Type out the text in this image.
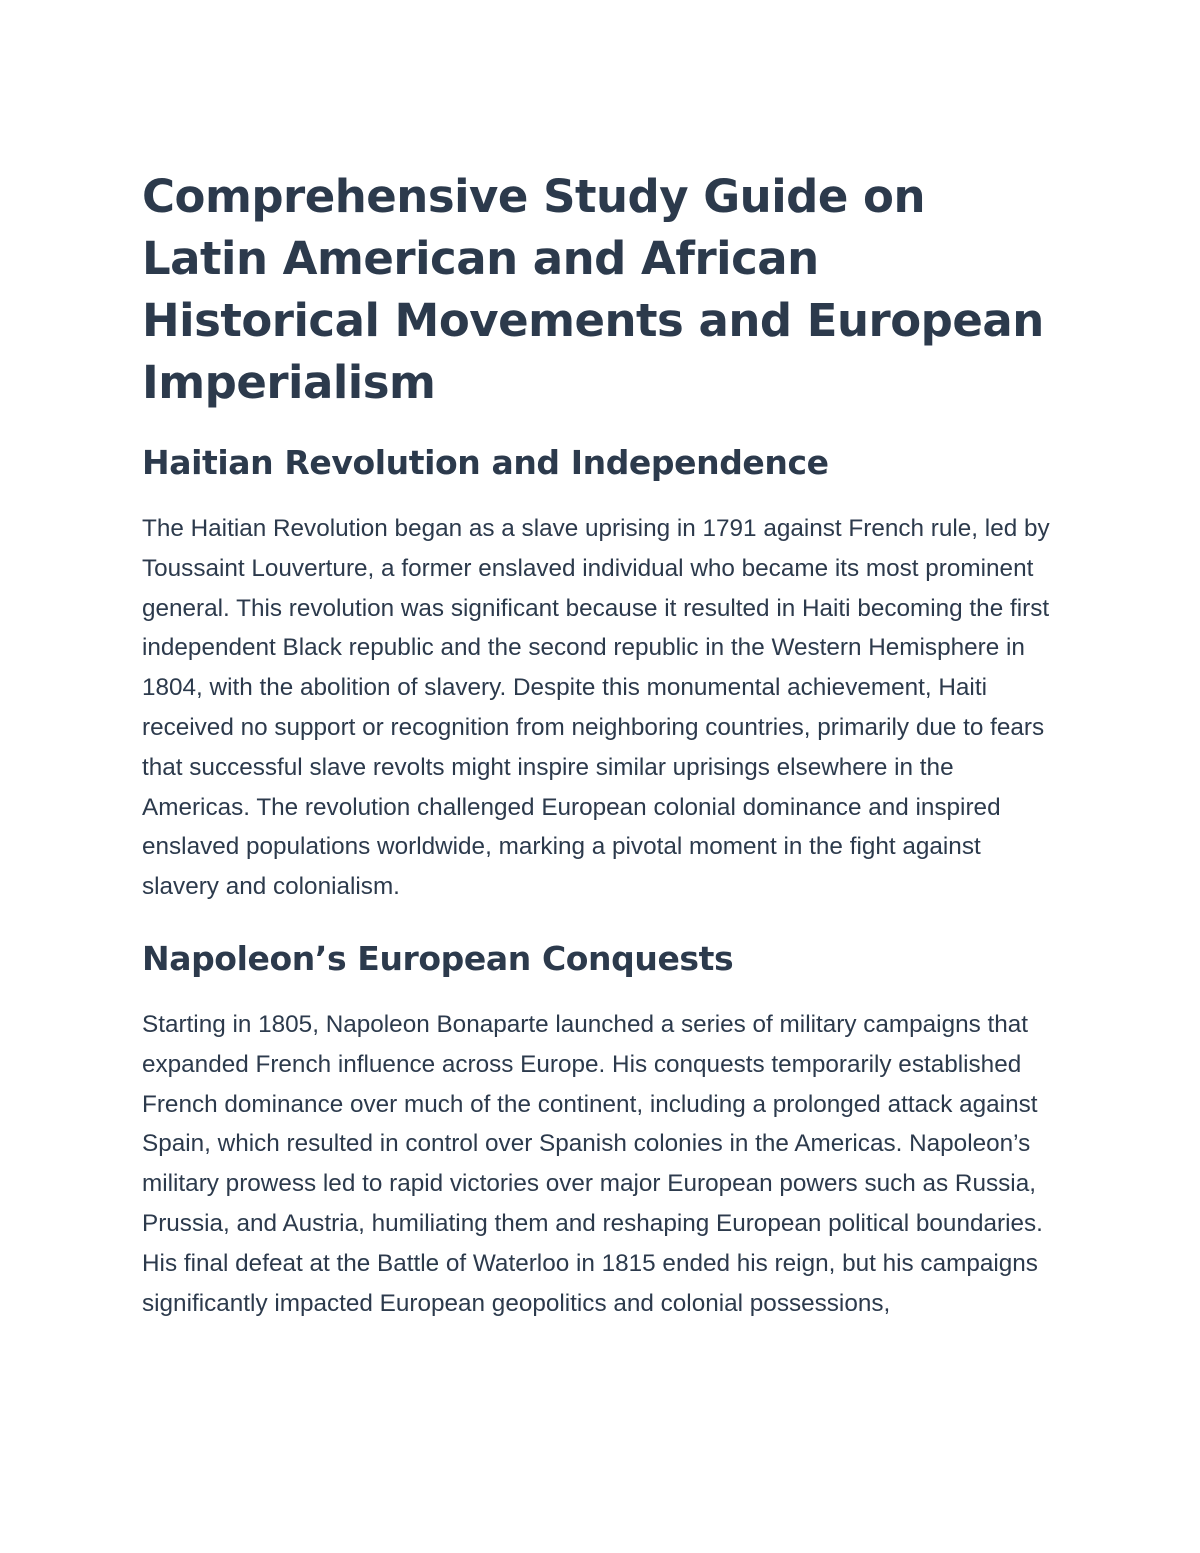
Comprehensive Study Guide on Latin American and African Historical Movements and European Imperialism
Haitian Revolution and Independence

The Haitian Revolution began as a slave uprising in 1791 against French rule, led by Toussaint Louverture, a former enslaved individual who became its most prominent general. This revolution was significant because it resulted in Haiti becoming the first independent Black republic and the second republic in the Western Hemisphere in 1804, with the abolition of slavery. Despite this monumental achievement, Haiti received no support or recognition from neighboring countries, primarily due to fears that successful slave revolts might inspire similar uprisings elsewhere in the Americas. The revolution challenged European colonial dominance and inspired enslaved populations worldwide, marking a pivotal moment in the fight against slavery and colonialism.

Napoleon’s European Conquests

Starting in 1805, Napoleon Bonaparte launched a series of military campaigns that expanded French influence across Europe. His conquests temporarily established French dominance over much of the continent, including a prolonged attack against Spain, which resulted in control over Spanish colonies in the Americas. Napoleon’s military prowess led to rapid victories over major European powers such as Russia, Prussia, and Austria, humiliating them and reshaping European political boundaries. His final defeat at the Battle of Waterloo in 1815 ended his reign, but his campaigns significantly impacted European geopolitics and colonial possessions,
